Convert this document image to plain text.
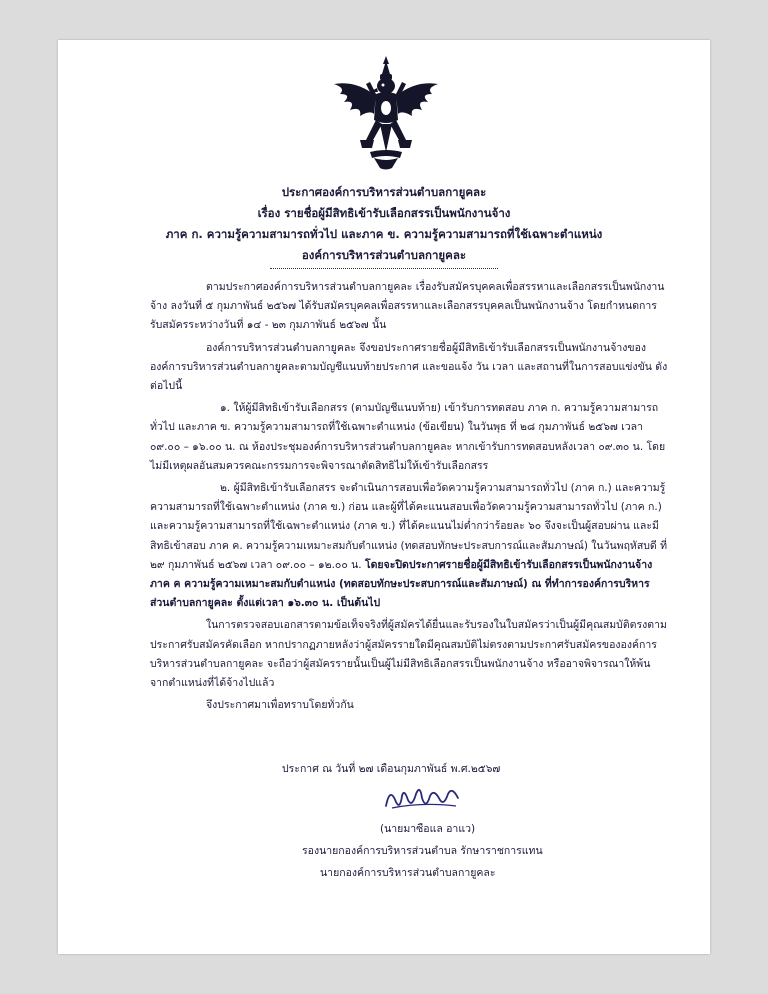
ประกาศองค์การบริหารส่วนตำบลกายูคละ
เรื่อง รายชื่อผู้มีสิทธิเข้ารับเลือกสรรเป็นพนักงานจ้าง
ภาค ก. ความรู้ความสามารถทั่วไป และภาค ข. ความรู้ความสามารถที่ใช้เฉพาะตำแหน่ง
องค์การบริหารส่วนตำบลกายูคละ

ตามประกาศองค์การบริหารส่วนตำบลกายูคละ เรื่องรับสมัครบุคคลเพื่อสรรหาและเลือกสรรเป็นพนักงานจ้าง ลงวันที่ ๕ กุมภาพันธ์ ๒๕๖๗ ได้รับสมัครบุคคลเพื่อสรรหาและเลือกสรรบุคคลเป็นพนักงานจ้าง โดยกำหนดการรับสมัครระหว่างวันที่ ๑๔ - ๒๓ กุมภาพันธ์ ๒๕๖๗ นั้น

องค์การบริหารส่วนตำบลกายูคละ จึงขอประกาศรายชื่อผู้มีสิทธิเข้ารับเลือกสรรเป็นพนักงานจ้างขององค์การบริหารส่วนตำบลกายูคละตามบัญชีแนบท้ายประกาศ และขอแจ้ง วัน เวลา และสถานที่ในการสอบแข่งขัน ดังต่อไปนี้

๑. ให้ผู้มีสิทธิเข้ารับเลือกสรร (ตามบัญชีแนบท้าย) เข้ารับการทดสอบ ภาค ก. ความรู้ความสามารถทั่วไป และภาค ข. ความรู้ความสามารถที่ใช้เฉพาะตำแหน่ง (ข้อเขียน) ในวันพุธ ที่ ๒๘ กุมภาพันธ์ ๒๕๖๗ เวลา ๐๙.๐๐ – ๑๖.๐๐ น. ณ ห้องประชุมองค์การบริหารส่วนตำบลกายูคละ หากเข้ารับการทดสอบหลังเวลา ๐๙.๓๐ น. โดยไม่มีเหตุผลอันสมควรคณะกรรมการจะพิจารณาตัดสิทธิไม่ให้เข้ารับเลือกสรร

๒. ผู้มีสิทธิเข้ารับเลือกสรร จะดำเนินการสอบเพื่อวัดความรู้ความสามารถทั่วไป (ภาค ก.) และความรู้ความสามารถที่ใช้เฉพาะตำแหน่ง (ภาค ข.) ก่อน และผู้ที่ได้คะแนนสอบเพื่อวัดความรู้ความสามารถทั่วไป (ภาค ก.) และความรู้ความสามารถที่ใช้เฉพาะตำแหน่ง (ภาค ข.) ที่ได้คะแนนไม่ต่ำกว่าร้อยละ ๖๐ จึงจะเป็นผู้สอบผ่าน และมีสิทธิเข้าสอบ ภาค ค. ความรู้ความเหมาะสมกับตำแหน่ง (ทดสอบทักษะประสบการณ์และสัมภาษณ์) ในวันพฤหัสบดี ที่ ๒๙ กุมภาพันธ์ ๒๕๖๗ เวลา ๐๙.๐๐ – ๑๒.๐๐ น. โดยจะปิดประกาศรายชื่อผู้มีสิทธิเข้ารับเลือกสรรเป็นพนักงานจ้าง ภาค ค ความรู้ความเหมาะสมกับตำแหน่ง (ทดสอบทักษะประสบการณ์และสัมภาษณ์) ณ ที่ทำการองค์การบริหารส่วนตำบลกายูคละ ตั้งแต่เวลา ๑๖.๓๐ น. เป็นต้นไป

ในการตรวจสอบเอกสารตามข้อเท็จจริงที่ผู้สมัครได้ยื่นและรับรองในใบสมัครว่าเป็นผู้มีคุณสมบัติตรงตามประกาศรับสมัครคัดเลือก หากปรากฏภายหลังว่าผู้สมัครรายใดมีคุณสมบัติไม่ตรงตามประกาศรับสมัครขององค์การบริหารส่วนตำบลกายูคละ จะถือว่าผู้สมัครรายนั้นเป็นผู้ไม่มีสิทธิเลือกสรรเป็นพนักงานจ้าง หรืออาจพิจารณาให้พ้นจากตำแหน่งที่ได้จ้างไปแล้ว

จึงประกาศมาเพื่อทราบโดยทั่วกัน

ประกาศ ณ วันที่ ๒๗ เดือนกุมภาพันธ์ พ.ศ.๒๕๖๗
(นายมาซือแล อาแว)
รองนายกองค์การบริหารส่วนตำบล รักษาราชการแทน
นายกองค์การบริหารส่วนตำบลกายูคละ
